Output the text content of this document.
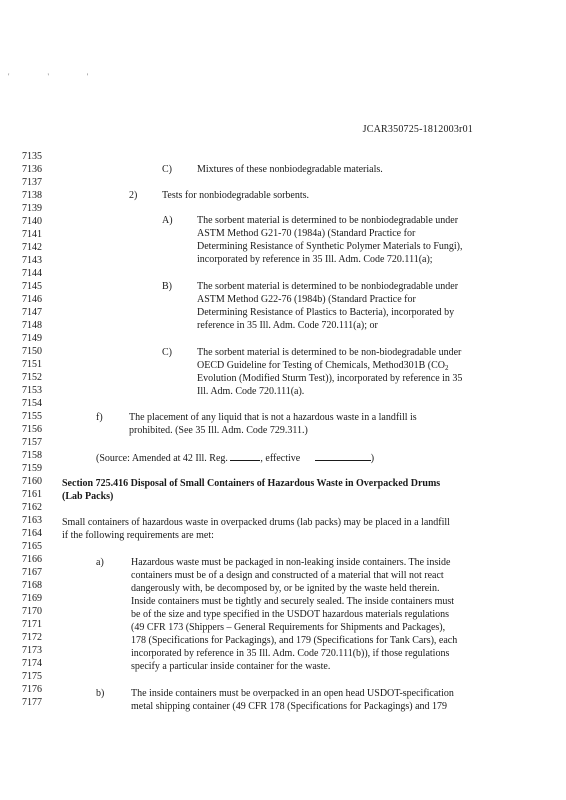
' ' '
JCAR350725-1812003r01
7135
7136
7137
7138
7139
7140
7141
7142
7143
7144
7145
7146
7147
7148
7149
7150
7151
7152
7153
7154
7155
7156
7157
7158
7159
7160
7161
7162
7163
7164
7165
7166
7167
7168
7169
7170
7171
7172
7173
7174
7175
7176
7177
C)	Mixtures of these nonbiodegradable materials.
2) Tests for nonbiodegradable sorbents.
A) The sorbent material is determined to be nonbiodegradable under
ASTM Method G21-70 (1984a) (Standard Practice for
Determining Resistance of Synthetic Polymer Materials to Fungi),
incorporated by reference in 35 Ill. Adm. Code 720.111(a);
B)	The sorbent material is determined to be nonbiodegradable under
ASTM Method G22-76 (1984b) (Standard Practice for
Determining Resistance of Plastics to Bacteria), incorporated by
reference in 35 Ill. Adm. Code 720.111(a); or
C)	The sorbent material is determined to be non-biodegradable under
OECD Guideline for Testing of Chemicals, Method301B ($CO_2$
Evolution (Modified Sturm Test)), incorporated by reference in 35
Ill. Adm. Code 720.111(a).
f)	The placement of any liquid that is not a hazardous waste in a landfill is
prohibited. (See 35 Ill. Adm. Code 729.311.)
(Source: Amended at 42 Ill. Reg.	, effective	)
Section 725.416 Disposal of Small Containers of Hazardous Waste in Overpacked Drums
(Lab Packs)
Small containers of hazardous waste in overpacked drums (lab packs) may be placed in a landfill
if the following requirements are met:
a)	Hazardous waste must be packaged in non-leaking inside containers. The inside
containers must be of a design and constructed of a material that will not react
dangerously with, be decomposed by, or be ignited by the waste held therein.
Inside containers must be tightly and securely sealed. The inside containers must
be of the size and type specified in the USDOT hazardous materials regulations
(49 CFR 173 (Shippers – General Requirements for Shipments and Packages),
178 (Specifications for Packagings), and 179 (Specifications for Tank Cars), each
incorporated by reference in 35 Ill. Adm. Code 720.111(b)), if those regulations
specify a particular inside container for the waste.
b)	The inside containers must be overpacked in an open head USDOT-specification
metal shipping container (49 CFR 178 (Specifications for Packagings) and 179
